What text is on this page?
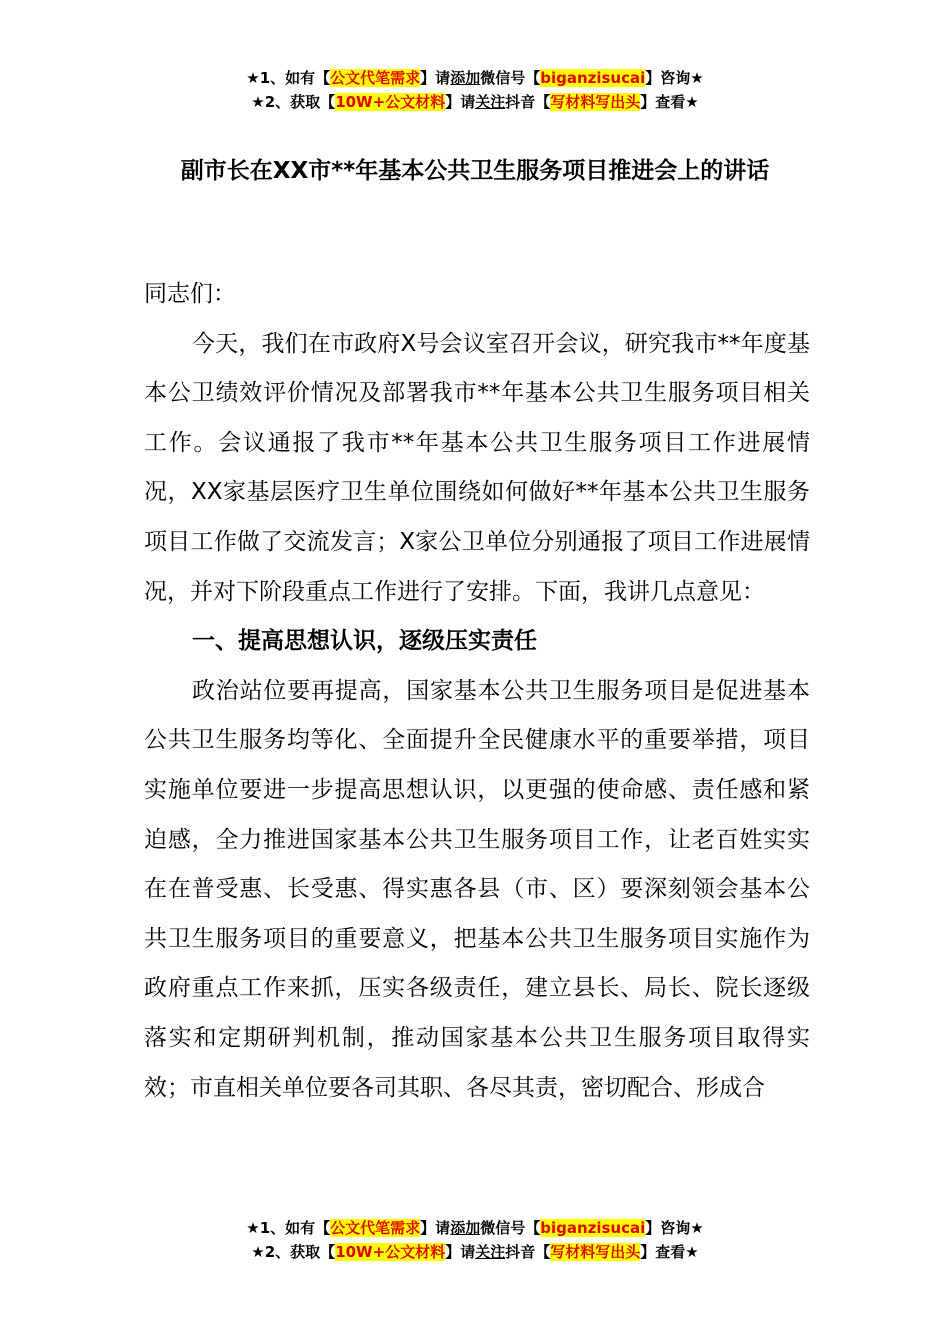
★1、如有【公文代笔需求】请添加微信号【biganzisucai】咨询★
★2、获取【10W+公文材料】请关注抖音【写材料写出头】查看★
副市长在XX市**年基本公共卫生服务项目推进会上的讲话

同志们：

今天，我们在市政府X号会议室召开会议，研究我市**年度基本公卫绩效评价情况及部署我市**年基本公共卫生服务项目相关工作。会议通报了我市**年基本公共卫生服务项目工作进展情况，XX家基层医疗卫生单位围绕如何做好**年基本公共卫生服务项目工作做了交流发言；X家公卫单位分别通报了项目工作进展情况，并对下阶段重点工作进行了安排。下面，我讲几点意见：

一、提高思想认识，逐级压实责任

政治站位要再提高，国家基本公共卫生服务项目是促进基本公共卫生服务均等化、全面提升全民健康水平的重要举措，项目实施单位要进一步提高思想认识，以更强的使命感、责任感和紧迫感，全力推进国家基本公共卫生服务项目工作，让老百姓实实在在普受惠、长受惠、得实惠各县（市、区）要深刻领会基本公共卫生服务项目的重要意义，把基本公共卫生服务项目实施作为政府重点工作来抓，压实各级责任，建立县长、局长、院长逐级落实和定期研判机制，推动国家基本公共卫生服务项目取得实效；市直相关单位要各司其职、各尽其责，密切配合、形成合

★1、如有【公文代笔需求】请添加微信号【biganzisucai】咨询★
★2、获取【10W+公文材料】请关注抖音【写材料写出头】查看★
